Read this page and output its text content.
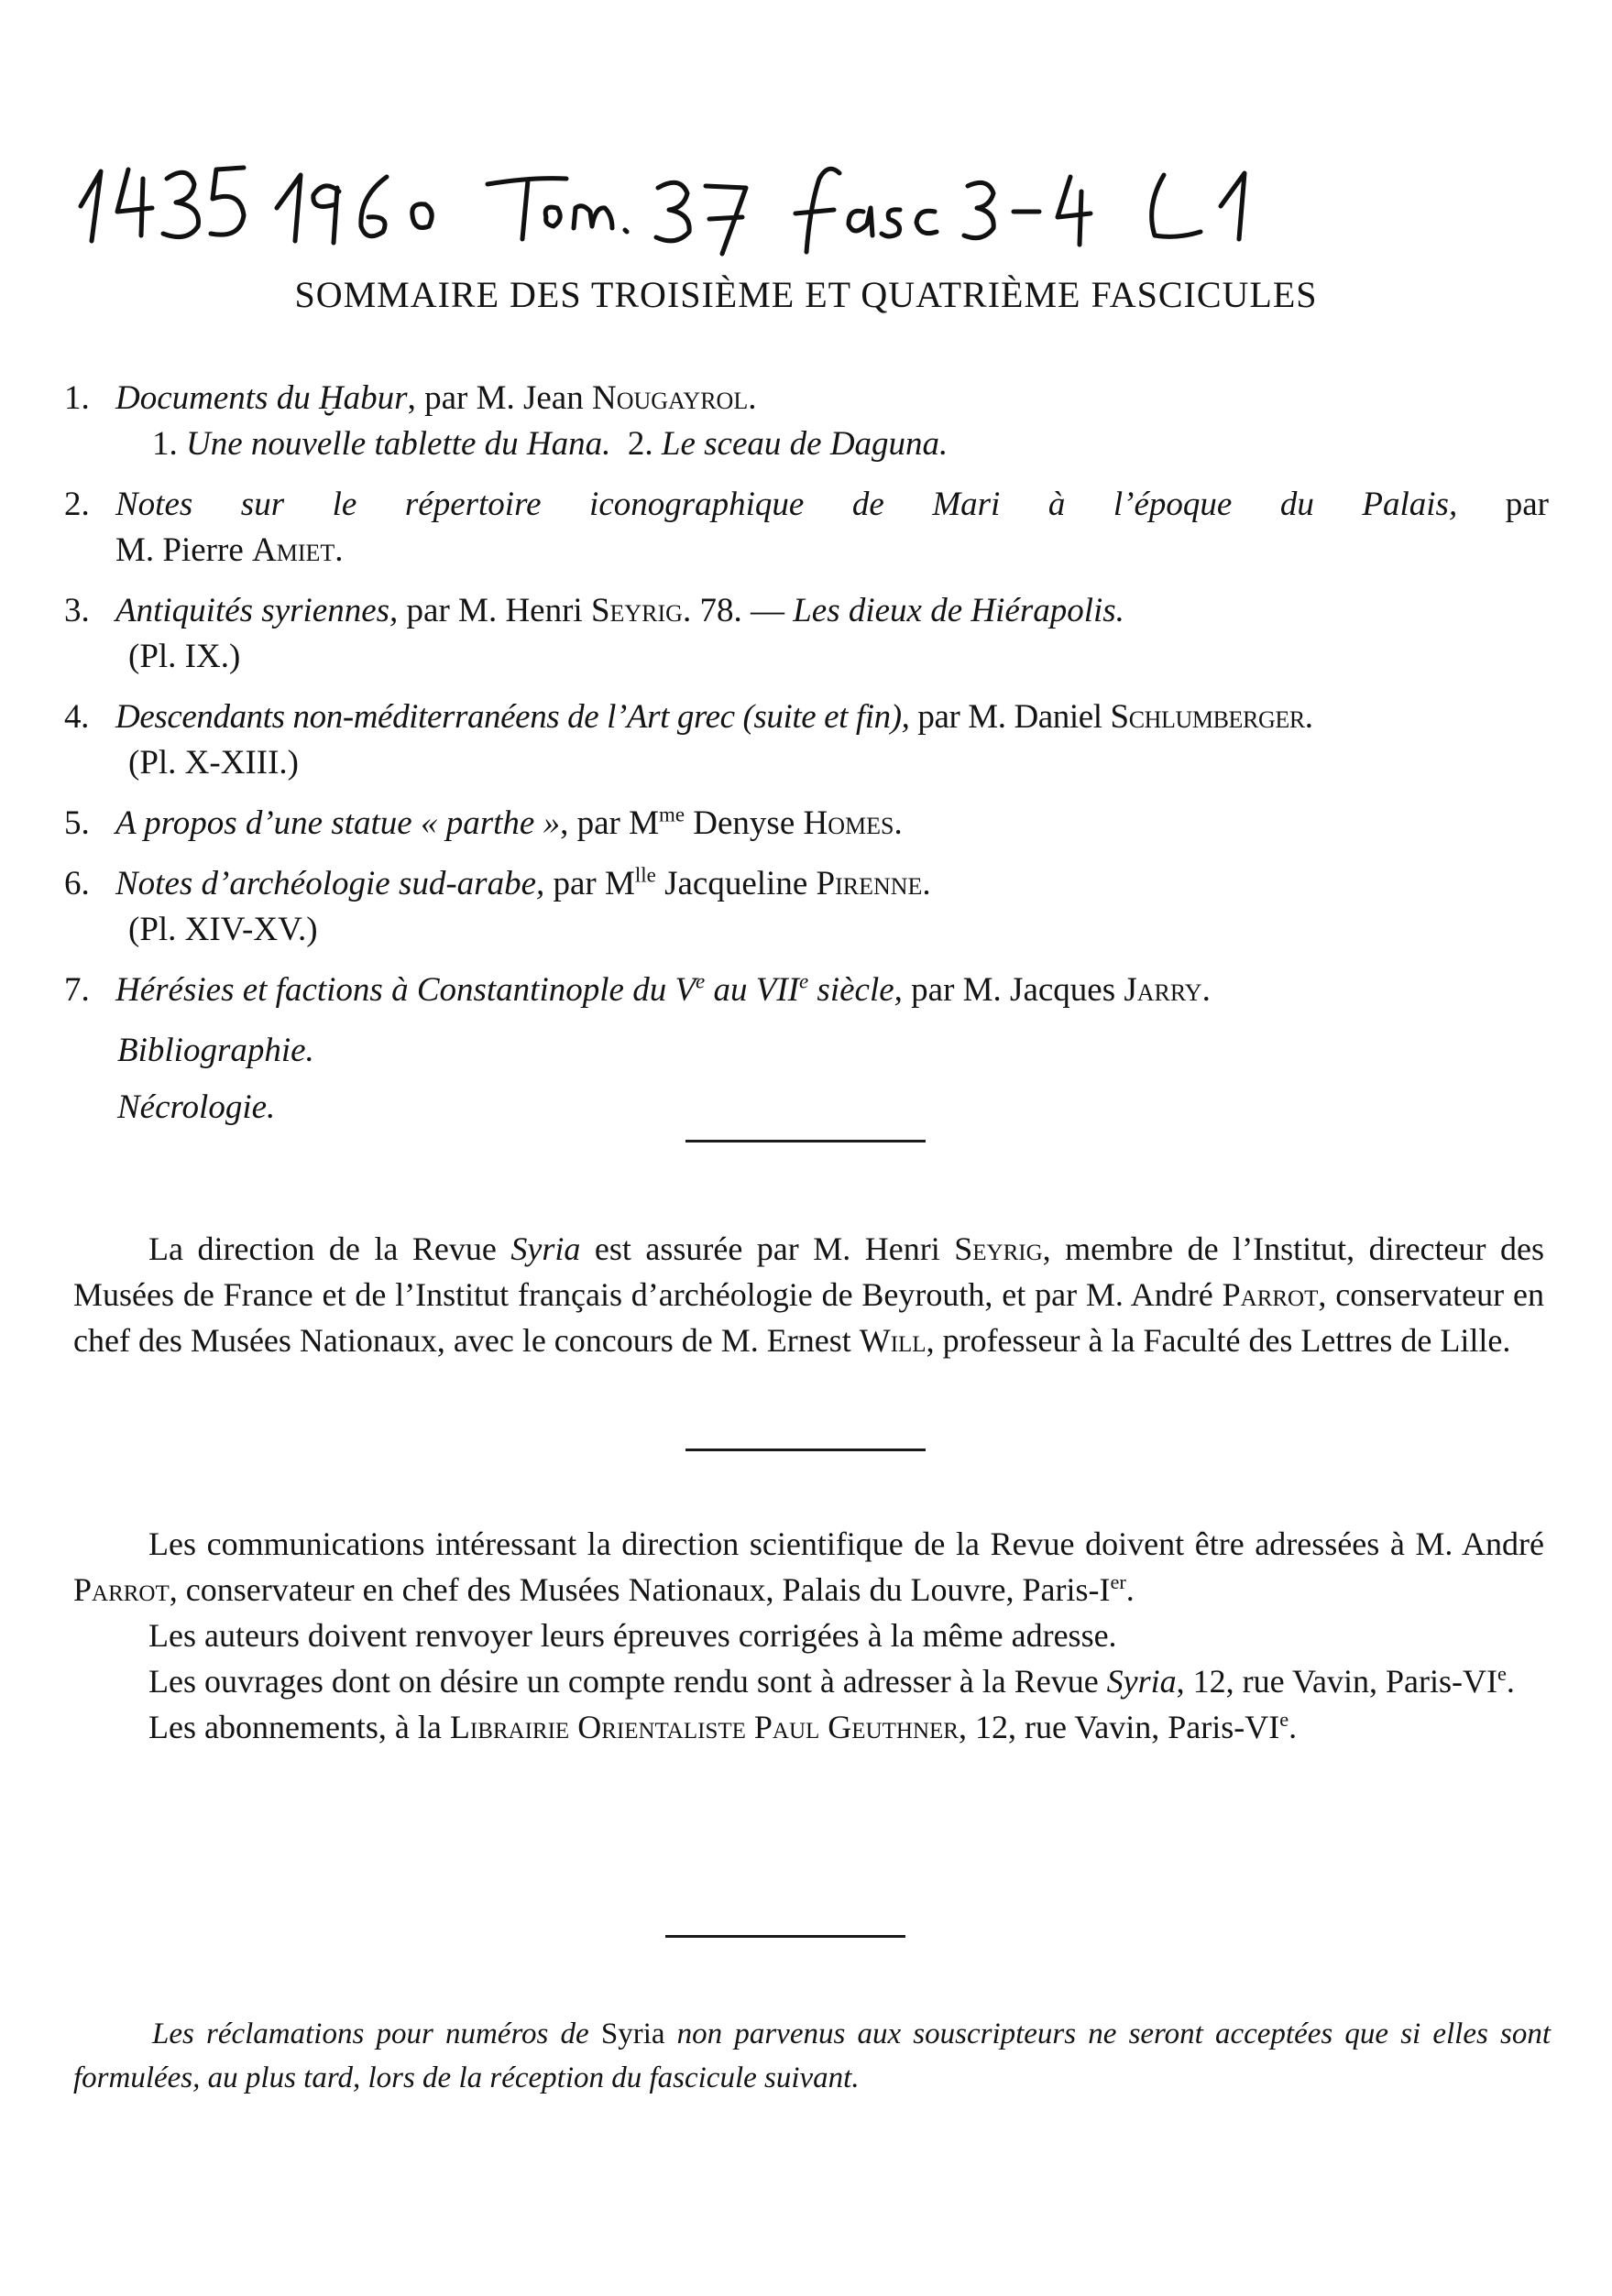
SOMMAIRE DES TROISIÈME ET QUATRIÈME FASCICULES
1. Documents du Ḫabur, par M. Jean Nougayrol.
1. Une nouvelle tablette du Hana. 2. Le sceau de Daguna.
2. Notes sur le répertoire iconographique de Mari à l’époque du Palais, par
M. Pierre Amiet.
3. Antiquités syriennes, par M. Henri Seyrig. 78. — Les dieux de Hiérapolis.
(Pl. IX.)
4. Descendants non-méditerranéens de l’Art grec (suite et fin), par M. Daniel Schlumberger.
(Pl. X-XIII.)
5. A propos d’une statue « parthe », par $M^{me}$ Denyse Homes.
6. Notes d’archéologie sud-arabe, par $M^{lle}$ Jacqueline Pirenne.
(Pl. XIV-XV.)
7. Hérésies et factions à Constantinople du Ve au VIIe siècle, par M. Jacques Jarry.
Bibliographie.
Nécrologie.

La direction de la Revue Syria est assurée par M. Henri Seyrig, membre de l’Institut, directeur des Musées de France et de l’Institut français d’archéologie de Beyrouth, et par M. André Parrot, conservateur en chef des Musées Nationaux, avec le concours de M. Ernest Will, professeur à la Faculté des Lettres de Lille.

Les communications intéressant la direction scientifique de la Revue doivent être adressées à M. André Parrot, conservateur en chef des Musées Nationaux, Palais du Louvre, Paris-Ier.

Les auteurs doivent renvoyer leurs épreuves corrigées à la même adresse.

Les ouvrages dont on désire un compte rendu sont à adresser à la Revue Syria, 12, rue Vavin, Paris-VIe.

Les abonnements, à la Librairie Orientaliste Paul Geuthner, 12, rue Vavin, Paris-VIe.

Les réclamations pour numéros de Syria non parvenus aux souscripteurs ne seront acceptées que si elles sont formulées, au plus tard, lors de la réception du fascicule suivant.
